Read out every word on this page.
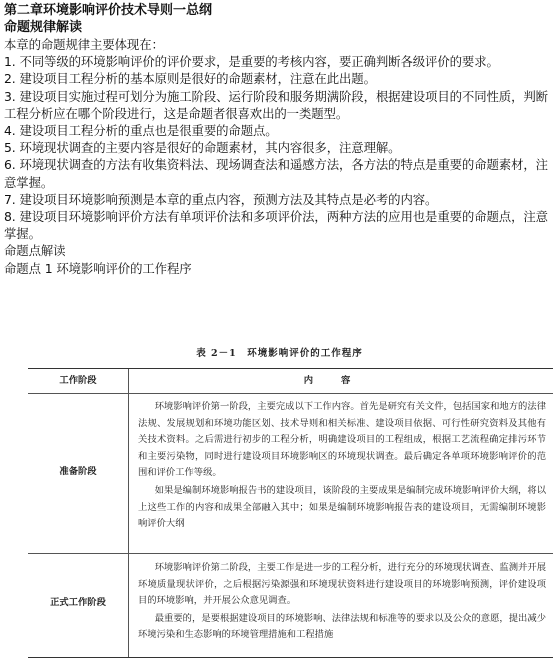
第二章环境影响评价技术导则一总纲
命题规律解读
本章的命题规律主要体现在：
1. 不同等级的环境影响评价的评价要求，是重要的考核内容，要正确判断各级评价的要求。
2. 建设项目工程分析的基本原则是很好的命题素材，注意在此出题。
3. 建设项目实施过程可划分为施工阶段、运行阶段和服务期满阶段，根据建设项目的不同性质，判断工程分析应在哪个阶段进行，这是命题者很喜欢出的一类题型。
4. 建设项目工程分析的重点也是很重要的命题点。
5. 环境现状调查的主要内容是很好的命题素材，其内容很多，注意理解。
6. 环境现状调查的方法有收集资料法、现场调查法和遥感方法，各方法的特点是重要的命题素材，注意掌握。
7. 建设项目环境影响预测是本章的重点内容，预测方法及其特点是必考的内容。
8. 建设项目环境影响评价方法有单项评价法和多项评价法，两种方法的应用也是重要的命题点，注意掌握。
命题点解读
命题点 1 环境影响评价的工作程序
表 2－1　环境影响评价的工作程序
工作阶段	内容
准备阶段

环境影响评价第一阶段，主要完成以下工作内容。首先是研究有关文件，包括国家和地方的法律法规、发展规划和环境功能区划、技术导则和相关标准、建设项目依据、可行性研究资料及其他有关技术资料。之后需进行初步的工程分析，明确建设项目的工程组成，根据工艺流程确定排污环节和主要污染物，同时进行建设项目环境影响区的环境现状调查。最后确定各单项环境影响评价的范围和评价工作等级。

如果是编制环境影响报告书的建设项目，该阶段的主要成果是编制完成环境影响评价大纲，将以上这些工作的内容和成果全部融入其中；如果是编制环境影响报告表的建设项目，无需编制环境影响评价大纲

正式工作阶段

环境影响评价第二阶段，主要工作是进一步的工程分析，进行充分的环境现状调查、监测并开展环境质量现状评价，之后根据污染源强和环境现状资料进行建设项目的环境影响预测，评价建设项目的环境影响，并开展公众意见调查。

最重要的，是要根据建设项目的环境影响、法律法规和标准等的要求以及公众的意愿，提出减少环境污染和生态影响的环境管理措施和工程措施
